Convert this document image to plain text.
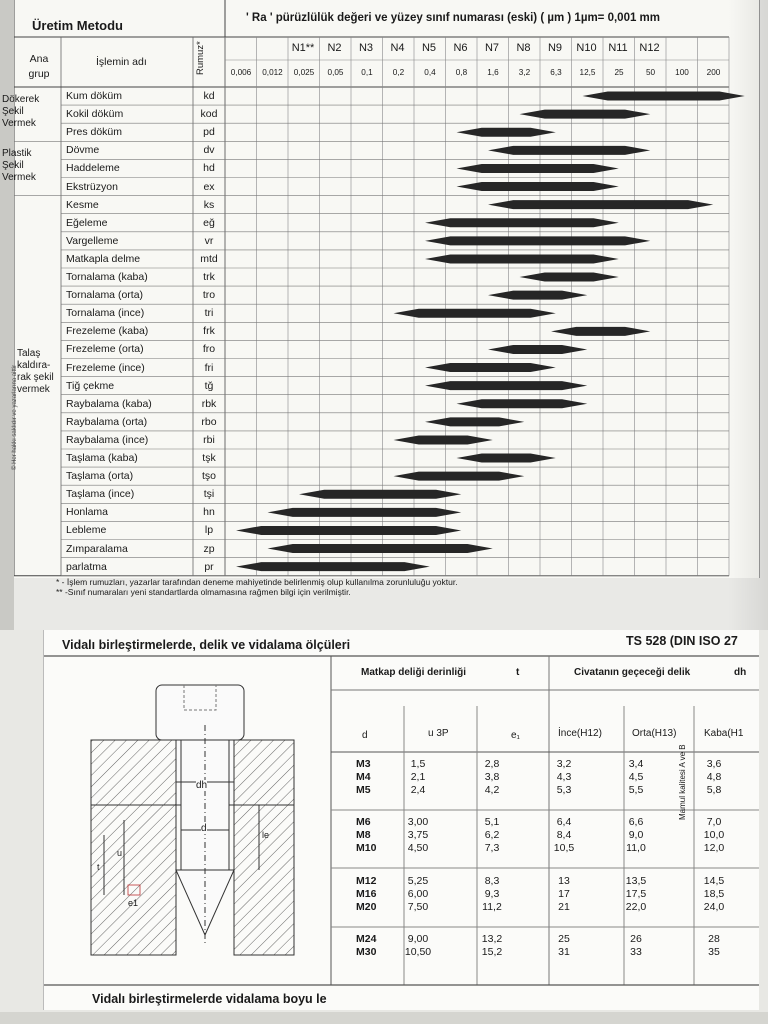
Üretim Metodu	' Ra ' pürüzlülük değeri ve yüzey sınıf numarası (eski) ( µm ) 1µm= 0,001 mm
Ana grup
İşlemin adı	Rumuz*	N1**	N2	N3	N4	N5	N6	N7	N8	N9	N10	N11	N12
0,006	0,012	0,025	0,05	0,1	0,2	0,4	0,8	1,6	3,2	6,3	12,5	25	50	100	200
Kum döküm	kd
Kokil döküm	kod
Pres döküm	pd
Dövme	dv
Haddeleme	hd
Ekstrüzyon	ex
Kesme	ks
Eğeleme	eğ
Vargelleme	vr
Matkapla delme	mtd
Tornalama (kaba)	trk
Tornalama (orta)	tro
Tornalama (ince)	tri
Frezeleme (kaba)	frk
Frezeleme (orta)	fro
Frezeleme (ince)	fri
Tiğ çekme	tğ
Raybalama (kaba)	rbk
Raybalama (orta)	rbo
Raybalama (ince)	rbi
Taşlama (kaba)	tşk
Taşlama (orta)	tşo
Taşlama (ince)	tşi
Honlama	hn
Lebleme	lp
Zımparalama	zp
parlatma	pr
Dökerek Şekil Vermek
Plastik Şekil Vermek
Talaş kaldıra-rak şekil vermek
* - İşlem rumuzları, yazarlar tarafından deneme mahiyetinde belirlenmiş olup kullanılma zorunluluğu yoktur.
** -Sınıf numaraları yeni standartlarda olmamasına rağmen bilgi için verilmiştir.
© Her hakkı saklıdır ve yazarlarına aittir
Vidalı birleştirmelerde, delik ve vidalama ölçüleri	TS 528 (DIN ISO 27
dh
d
le
t
u
e1
Matkap deliği derinliği	t	Civatanın geçeceği delik	dh
d	u 3P	e₁	İnce(H12)	Orta(H13)	Kaba(H1
Mamul kalitesi A ve B
M3	1,5	2,8	3,2	3,4	3,6
M4	2,1	3,8	4,3	4,5	4,8
M5	2,4	4,2	5,3	5,5	5,8
M6	3,00	5,1	6,4	6,6	7,0
M8	3,75	6,2	8,4	9,0	10,0
M10	4,50	7,3	10,5	11,0	12,0
M12	5,25	8,3	13	13,5	14,5
M16	6,00	9,3	17	17,5	18,5
M20	7,50	11,2	21	22,0	24,0
M24	9,00	13,2	25	26	28
M30	10,50	15,2	31	33	35
Vidalı birleştirmelerde vidalama boyu le
